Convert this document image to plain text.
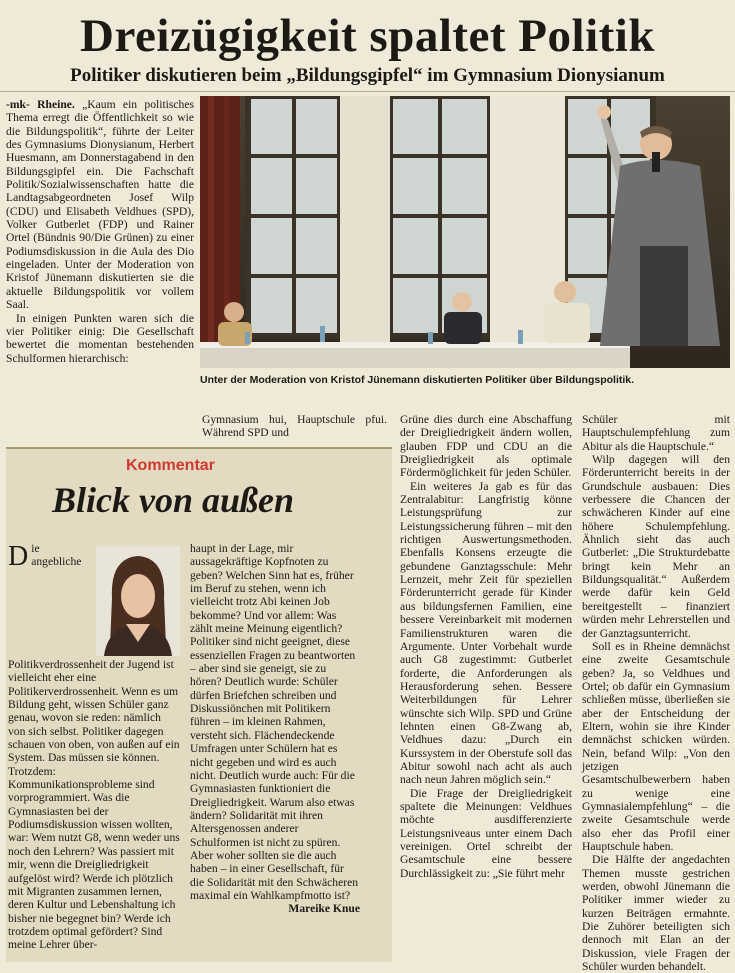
Dreizügigkeit spaltet Politik
Politiker diskutieren beim „Bildungsgipfel“ im Gymnasium Dionysianum

-mk- Rheine. „Kaum ein politisches Thema erregt die Öffentlichkeit so wie die Bildungspolitik“, führte der Leiter des Gymnasiums Dionysianum, Herbert Huesmann, am Donnerstagabend in den Bildungsgipfel ein. Die Fachschaft Politik/Sozialwissenschaften hatte die Landtagsabgeordneten Josef Wilp (CDU) und Elisabeth Veldhues (SPD), Volker Gutberlet (FDP) und Rainer Ortel (Bündnis 90/Die Grünen) zu einer Podiumsdiskussion in die Aula des Dio eingeladen. Unter der Moderation von Kristof Jünemann diskutierten sie die aktuelle Bildungspolitik vor vollem Saal.

In einigen Punkten waren sich die vier Politiker einig: Die Gesellschaft bewertet die momentan bestehenden Schulformen hierarchisch:

Unter der Moderation von Kristof Jünemann diskutierten Politiker über Bildungspolitik.

Gymnasium hui, Hauptschule pfui. Während SPD und

Grüne dies durch eine Abschaffung der Dreigliedrigkeit ändern wollen, glauben FDP und CDU an die Dreigliedrigkeit als optimale Fördermöglichkeit für jeden Schüler.

Ein weiteres Ja gab es für das Zentralabitur: Langfristig könne Leistungsprüfung zur Leistungssicherung führen – mit den richtigen Auswertungsmethoden. Ebenfalls Konsens erzeugte die gebundene Ganztagsschule: Mehr Lernzeit, mehr Zeit für speziellen Förderunterricht gerade für Kinder aus bildungsfernen Familien, eine bessere Vereinbarkeit mit modernen Familienstrukturen waren die Argumente. Unter Vorbehalt wurde auch G8 zugestimmt: Gutberlet forderte, die Anforderungen als Herausforderung sehen. Bessere Weiterbildungen für Lehrer wünschte sich Wilp. SPD und Grüne lehnten einen G8-Zwang ab, Veldhues dazu: „Durch ein Kurssystem in der Oberstufe soll das Abitur sowohl nach acht als auch nach neun Jahren möglich sein.“

Die Frage der Dreigliedrigkeit spaltete die Meinungen: Veldhues möchte ausdifferenzierte Leistungsniveaus unter einem Dach vereinigen. Ortel schreibt der Gesamtschule eine bessere Durchlässigkeit zu: „Sie führt mehr

Schüler mit Hauptschulempfehlung zum Abitur als die Hauptschule.“

Wilp dagegen will den Förderunterricht bereits in der Grundschule ausbauen: Dies verbessere die Chancen der schwächeren Kinder auf eine höhere Schulempfehlung. Ähnlich sieht das auch Gutberlet: „Die Strukturdebatte bringt kein Mehr an Bildungsqualität.“ Außerdem werde dafür kein Geld bereitgestellt – finanziert würden mehr Lehrerstellen und der Ganztagsunterricht.

Soll es in Rheine demnächst eine zweite Gesamtschule geben? Ja, so Veldhues und Ortel; ob dafür ein Gymnasium schließen müsse, überließen sie aber der Entscheidung der Eltern, wohin sie ihre Kinder demnächst schicken würden. Nein, befand Wilp: „Von den jetzigen Gesamtschulbewerbern haben zu wenige eine Gymnasialempfehlung“ – die zweite Gesamtschule werde also eher das Profil einer Hauptschule haben.

Die Hälfte der angedachten Themen musste gestrichen werden, obwohl Jünemann die Politiker immer wieder zu kurzen Beiträgen ermahnte. Die Zuhörer beteiligten sich dennoch mit Elan an der Diskussion, viele Fragen der Schüler wurden behandelt.

Kommentar

Blick von außen

Die angebliche Politikverdrossenheit der Jugend ist vielleicht eher eine Politikerverdrossenheit. Wenn es um Bildung geht, wissen Schüler ganz genau, wovon sie reden: nämlich von sich selbst. Politiker dagegen schauen von oben, von außen auf ein System. Das müssen sie können.

Trotzdem: Kommunikationsprobleme sind vorprogrammiert. Was die Gymnasiasten bei der Podiumsdiskussion wissen wollten, war: Wem nutzt G8, wenn weder uns noch den Lehrern? Was passiert mit mir, wenn die Dreigliedrigkeit aufgelöst wird? Werde ich plötzlich mit Migranten zusammen lernen, deren Kultur und Lebenshaltung ich bisher nie begegnet bin? Werde ich trotzdem optimal gefördert? Sind meine Lehrer über-

haupt in der Lage, mir aussagekräftige Kopfnoten zu geben? Welchen Sinn hat es, früher im Beruf zu stehen, wenn ich vielleicht trotz Abi keinen Job bekomme? Und vor allem: Was zählt meine Meinung eigentlich? Politiker sind nicht geeignet, diese essenziellen Fragen zu beantworten – aber sind sie geneigt, sie zu hören? Deutlich wurde: Schüler dürfen Briefchen schreiben und Diskussiönchen mit Politikern führen – im kleinen Rahmen, versteht sich. Flächendeckende Umfragen unter Schülern hat es nicht gegeben und wird es auch nicht. Deutlich wurde auch: Für die Gymnasiasten funktioniert die Dreigliedrigkeit. Warum also etwas ändern? Solidarität mit ihren Altersgenossen anderer Schulformen ist nicht zu spüren. Aber woher sollten sie die auch haben – in einer Gesellschaft, für die Solidarität mit den Schwächeren maximal ein Wahlkampfmotto ist?

Mareike Knue
